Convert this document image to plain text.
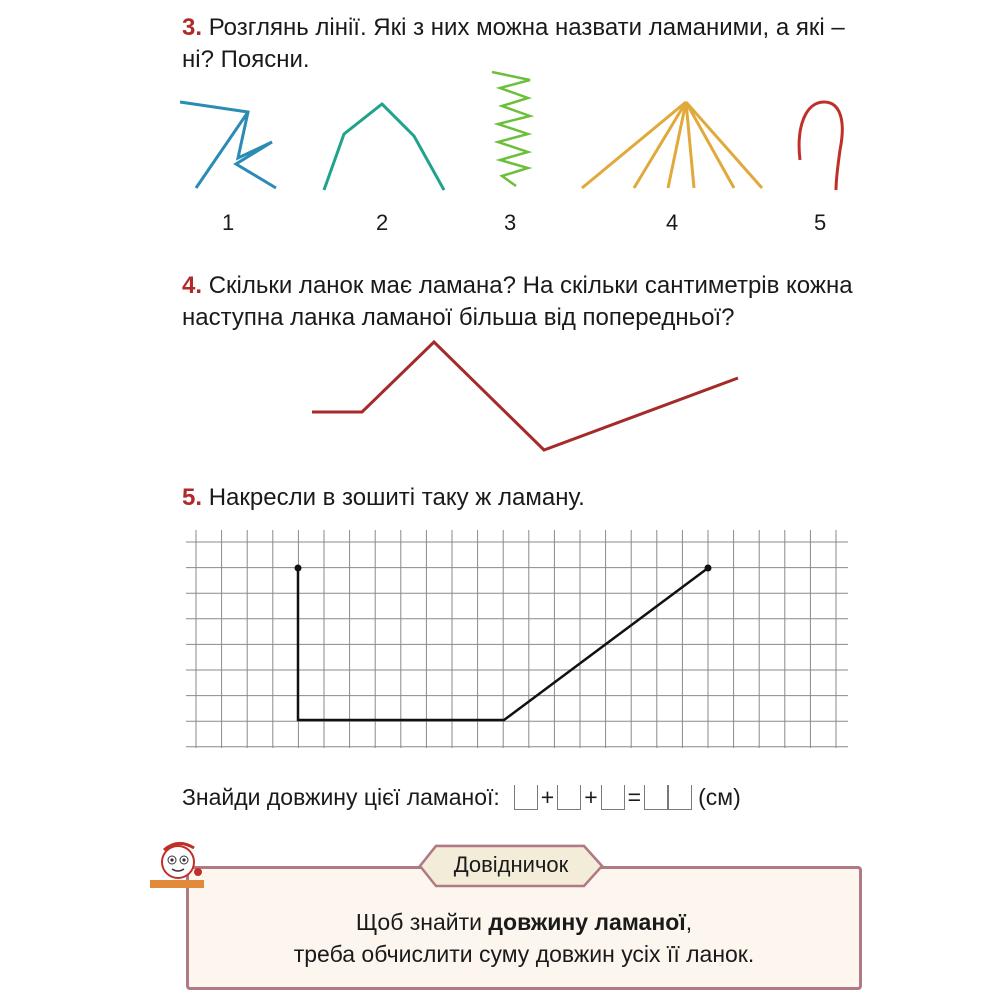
3. Розглянь лінії. Які з них можна назвати ламаними, а які – ні? Поясни.

1	2	3	4	5

4. Скільки ланок має ламана? На скільки сантиметрів кожна наступна ланка ламаної більша від попередньої?

5. Накресли в зошиті таку ж ламану.

Знайди довжину цієї ламаної: + + = (см)
Довідничок
Щоб знайти довжину ламаної,
треба обчислити суму довжин усіх її ланок.
